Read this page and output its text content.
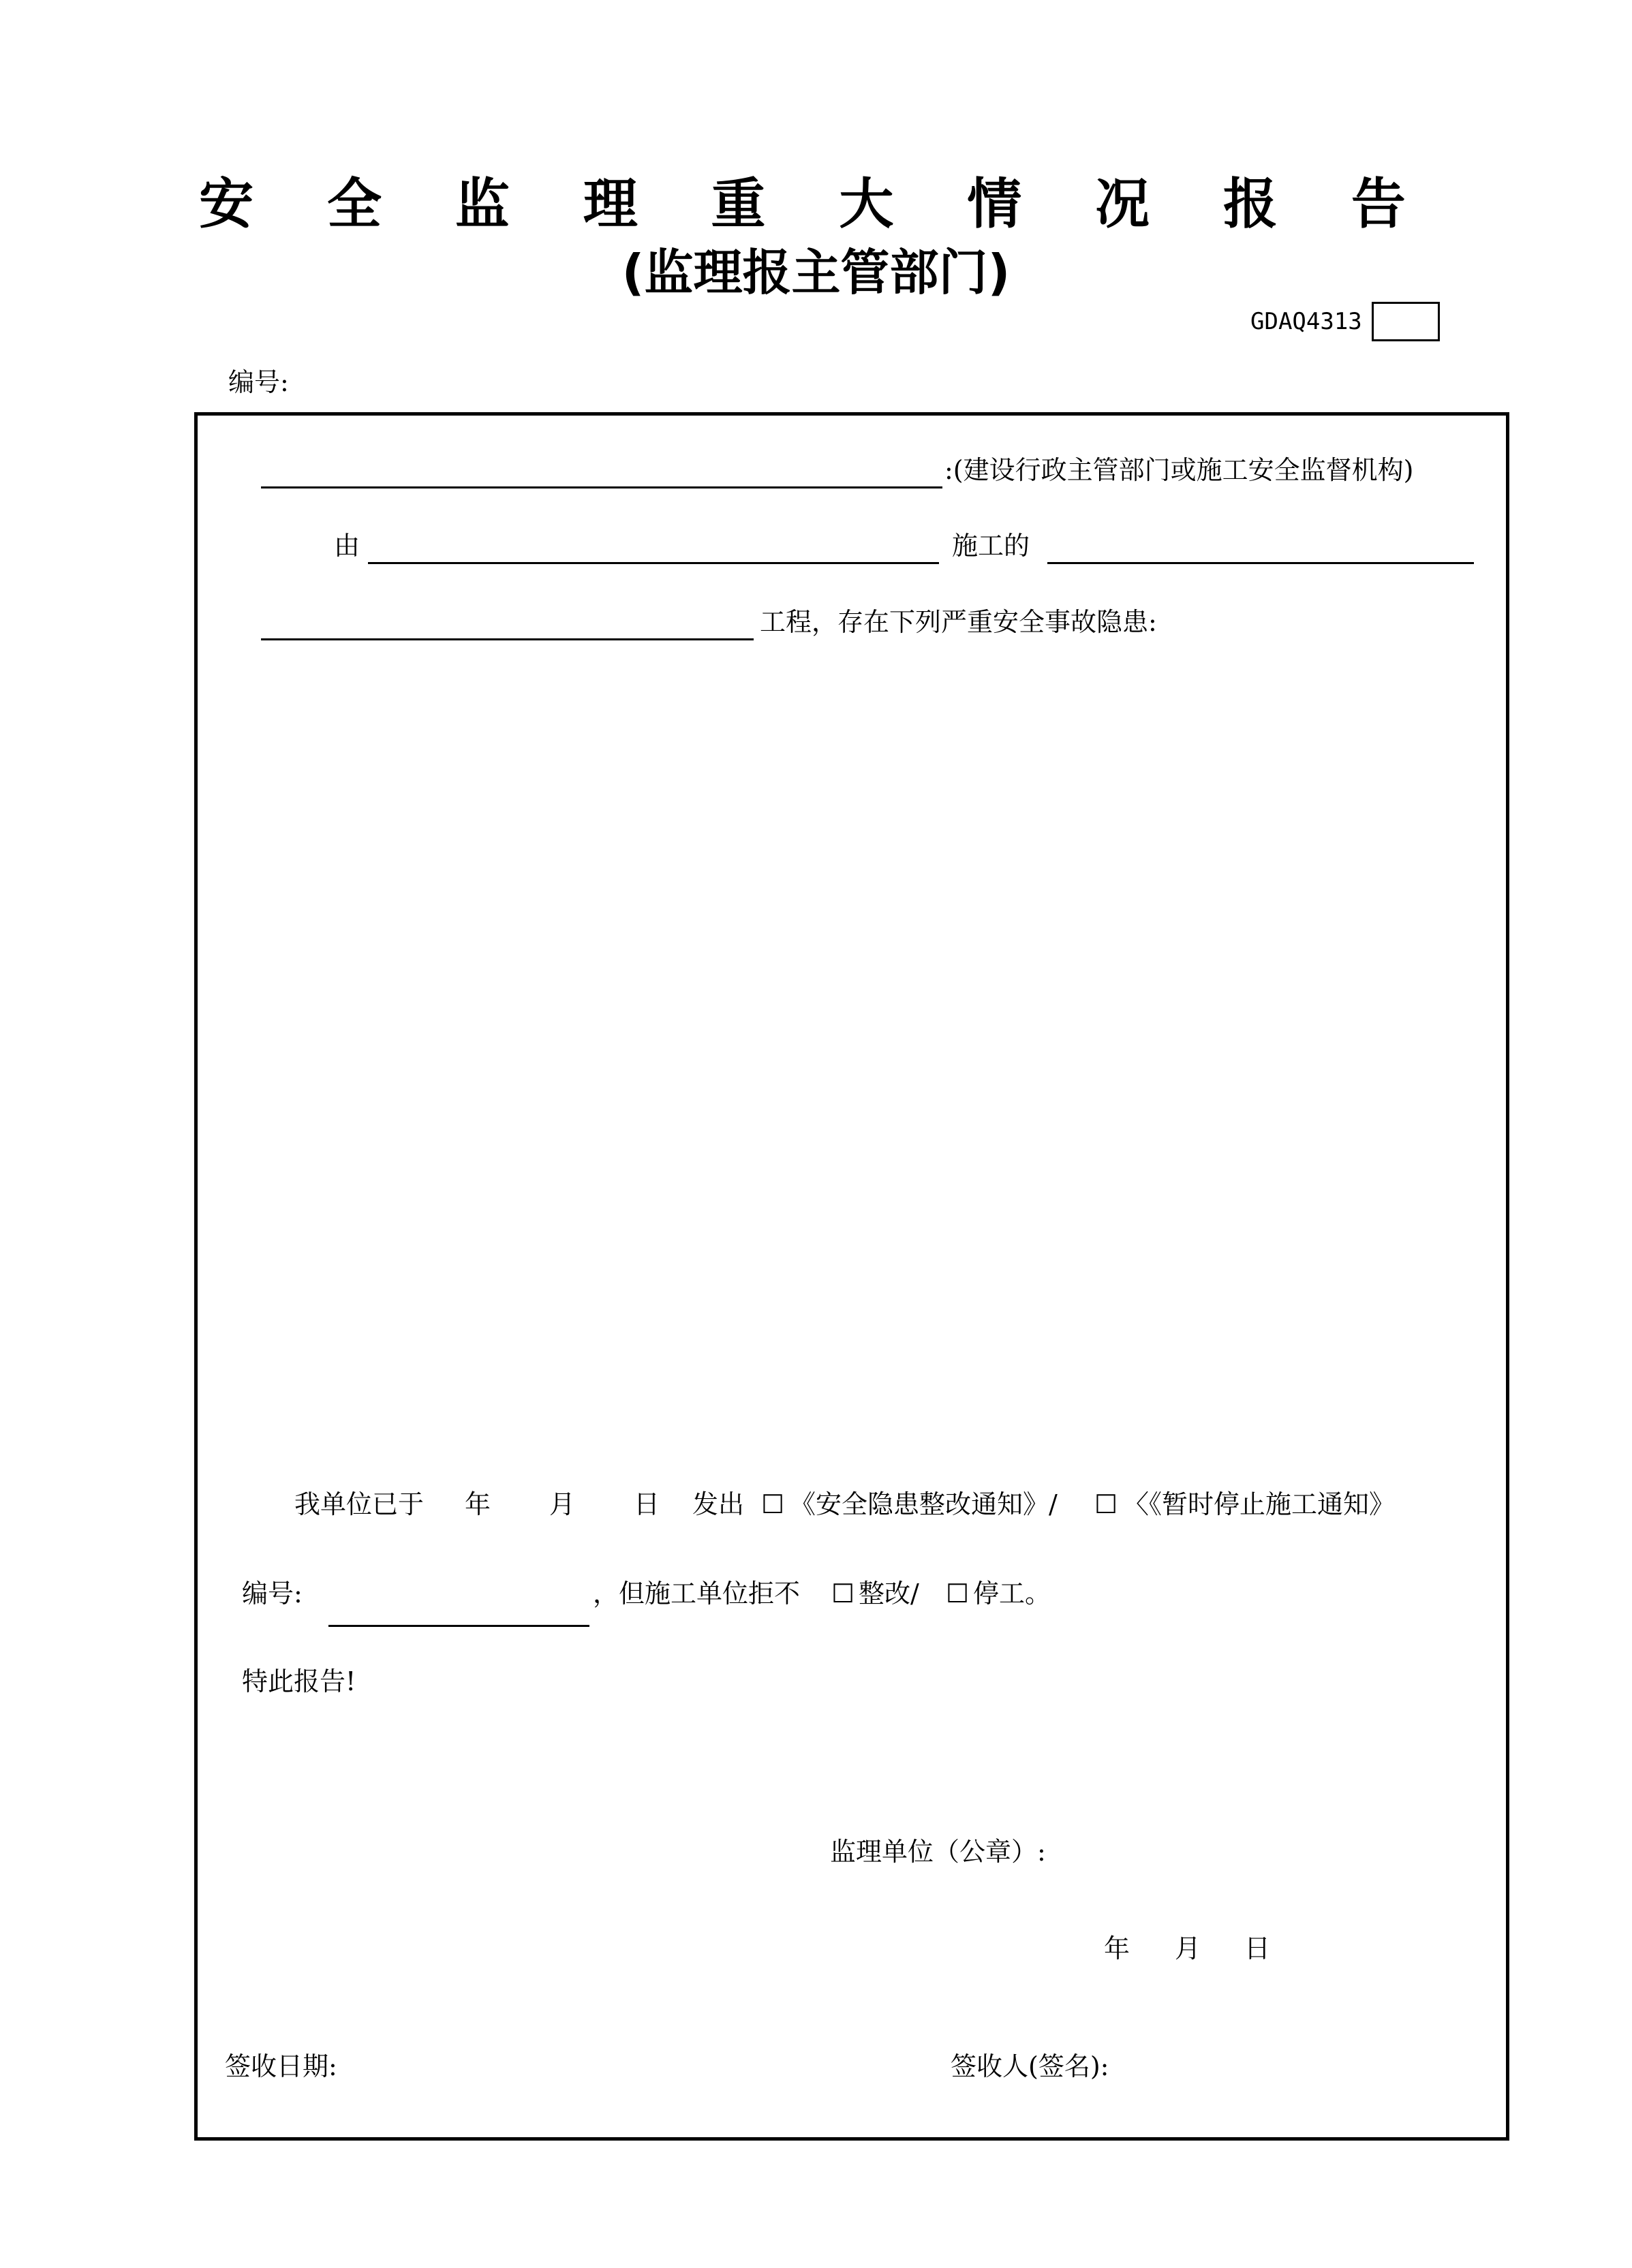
安 全 监 理 重 大 情 况 报 告
(监理报主管部门)
GDAQ4313
编号:
:(建设行政主管部门或施工安全监督机构)
由	施工的
工程，存在下列严重安全事故隐患:
我单位已于 年 月 日 发出 ☐ 《安全隐患整改通知》/ ☐ 〈《暂时停止施工通知》
编号:	，但施工单位拒不 ☐ 整改/ ☐ 停工。
特此报告!
监理单位（公章）:
年 月 日
签收日期:	签收人(签名):
